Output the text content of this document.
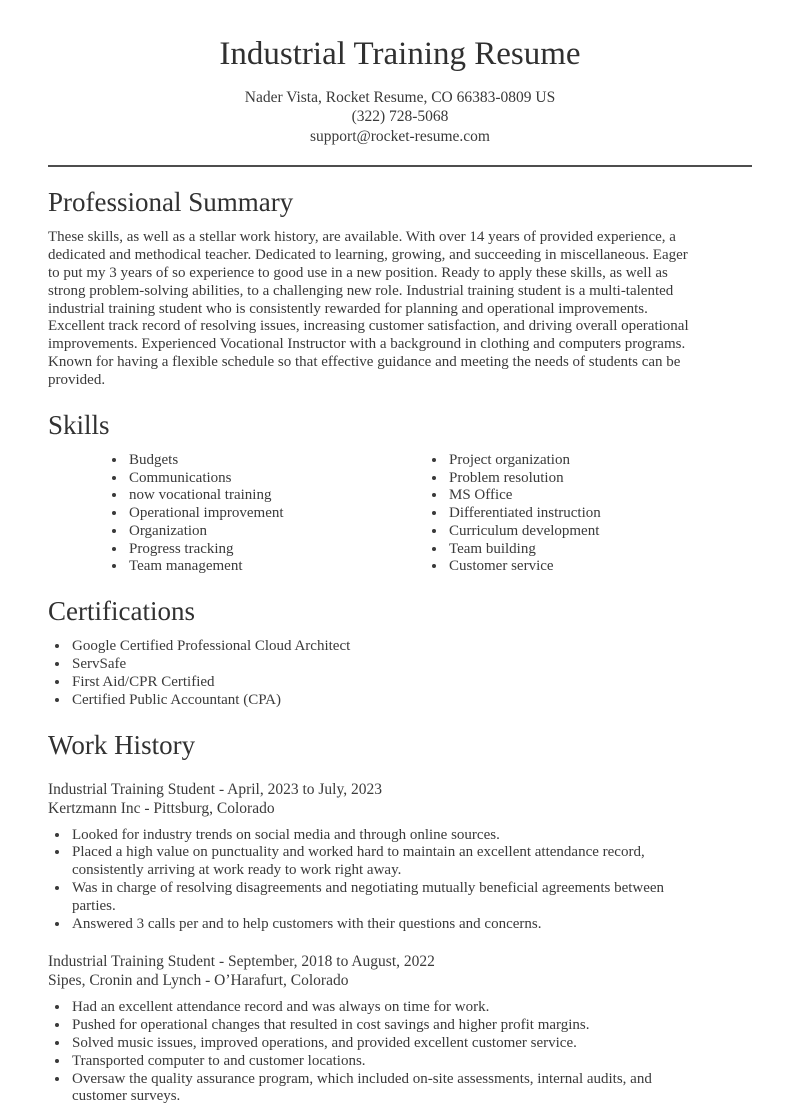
Industrial Training Resume

Nader Vista, Rocket Resume, CO 66383-0809 US

(322) 728-5068

support@rocket-resume.com

Professional Summary

These skills, as well as a stellar work history, are available. With over 14 years of provided experience, a dedicated and methodical teacher. Dedicated to learning, growing, and succeeding in miscellaneous. Eager to put my 3 years of so experience to good use in a new position. Ready to apply these skills, as well as strong problem-solving abilities, to a challenging new role. Industrial training student is a multi-talented industrial training student who is consistently rewarded for planning and operational improvements. Excellent track record of resolving issues, increasing customer satisfaction, and driving overall operational improvements. Experienced Vocational Instructor with a background in clothing and computers programs. Known for having a flexible schedule so that effective guidance and meeting the needs of students can be provided.

Skills
• Budgets
• Communications
• now vocational training
• Operational improvement
• Organization
• Progress tracking
• Team management
• Project organization
• Problem resolution
• MS Office
• Differentiated instruction
• Curriculum development
• Team building
• Customer service
Certifications
• Google Certified Professional Cloud Architect
• ServSafe
• First Aid/CPR Certified
• Certified Public Accountant (CPA)
Work History

Industrial Training Student - April, 2023 to July, 2023

Kertzmann Inc - Pittsburg, Colorado

• Looked for industry trends on social media and through online sources.
• Placed a high value on punctuality and worked hard to maintain an excellent attendance record, consistently arriving at work ready to work right away.
• Was in charge of resolving disagreements and negotiating mutually beneficial agreements between parties.
• Answered 3 calls per and to help customers with their questions and concerns.

Industrial Training Student - September, 2018 to August, 2022

Sipes, Cronin and Lynch - O’Harafurt, Colorado

• Had an excellent attendance record and was always on time for work.
• Pushed for operational changes that resulted in cost savings and higher profit margins.
• Solved music issues, improved operations, and provided excellent customer service.
• Transported computer to and customer locations.
• Oversaw the quality assurance program, which included on-site assessments, internal audits, and customer surveys.
